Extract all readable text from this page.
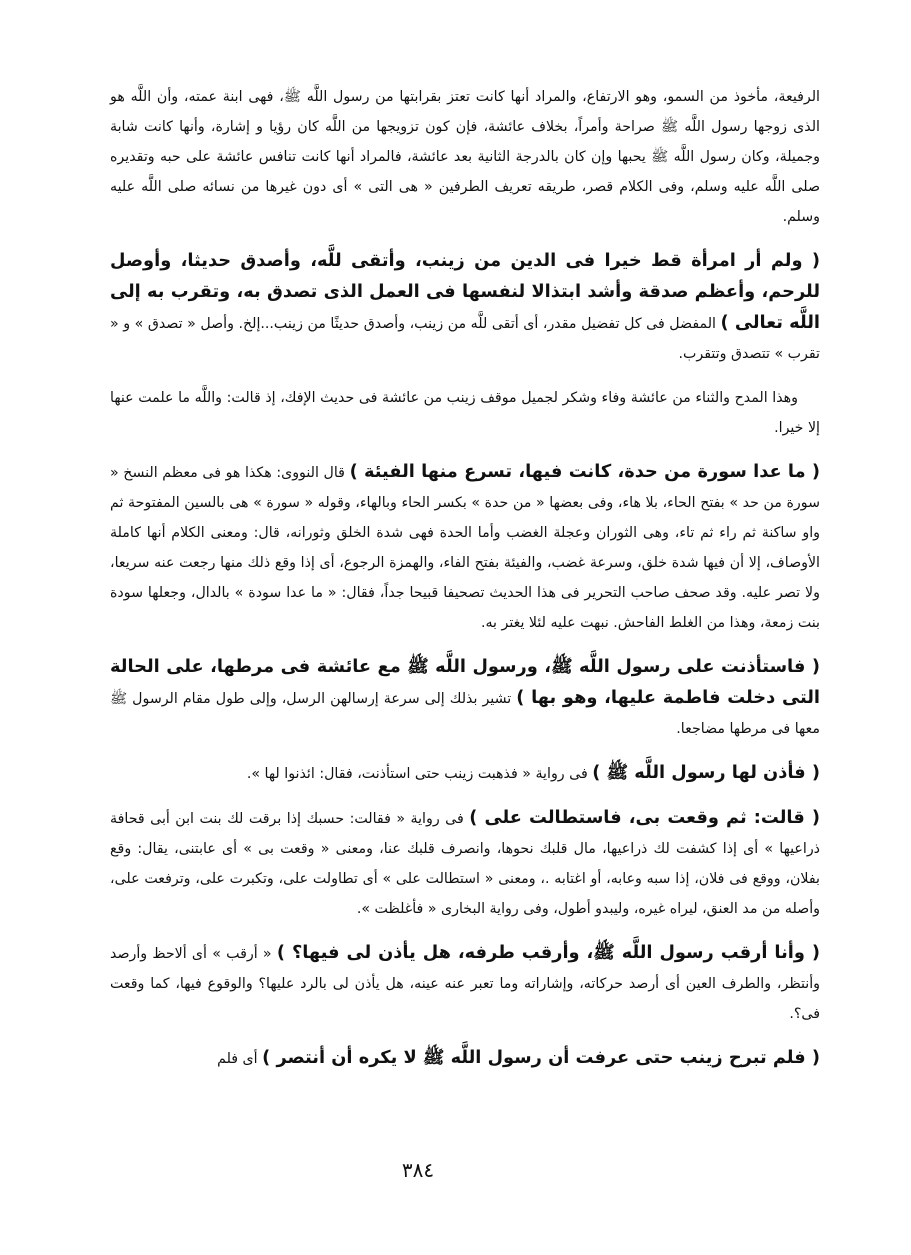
الرفيعة، مأخوذ من السمو، وهو الارتفاع، والمراد أنها كانت تعتز بقرابتها من رسول اللَّه ﷺ، فهى ابنة عمته، وأن اللَّه هو الذى زوجها رسول اللَّه ﷺ صراحة وأمراً، بخلاف عائشة، فإن كون تزويجها من اللَّه كان رؤيا و إشارة، وأنها كانت شابة وجميلة، وكان رسول اللَّه ﷺ يحبها وإن كان بالدرجة الثانية بعد عائشة، فالمراد أنها كانت تنافس عائشة على حبه وتقديره صلى اللَّه عليه وسلم، وفى الكلام قصر، طريقه تعريف الطرفين « هى التى » أى دون غيرها من نسائه صلى اللَّه عليه وسلم.

( ولم أر امرأة قط خيرا فى الدين من زينب، وأتقى للَّه، وأصدق حديثا، وأوصل للرحم، وأعظم صدقة وأشد ابتذالا لنفسها فى العمل الذى تصدق به، وتقرب به إلى اللَّه تعالى ) المفضل فى كل تفضيل مقدر، أى أتقى للَّه من زينب، وأصدق حديثًا من زينب...إلخ. وأصل « تصدق » و « تقرب » تتصدق وتتقرب.

وهذا المدح والثناء من عائشة وفاء وشكر لجميل موقف زينب من عائشة فى حديث الإفك، إذ قالت: واللَّه ما علمت عنها إلا خيرا.

( ما عدا سورة من حدة، كانت فيها، تسرع منها الفيئة ) قال النووى: هكذا هو فى معظم النسخ « سورة من حد » بفتح الحاء، بلا هاء، وفى بعضها « من حدة » بكسر الحاء وبالهاء، وقوله « سورة » هى بالسين المفتوحة ثم واو ساكنة ثم راء ثم تاء، وهى الثوران وعجلة الغضب وأما الحدة فهى شدة الخلق وثورانه، قال: ومعنى الكلام أنها كاملة الأوصاف، إلا أن فيها شدة خلق، وسرعة غضب، والفيئة بفتح الفاء، والهمزة الرجوع، أى إذا وقع ذلك منها رجعت عنه سريعا، ولا تصر عليه. وقد صحف صاحب التحرير فى هذا الحديث تصحيفا قبيحا جداً، فقال: « ما عدا سودة » بالدال، وجعلها سودة بنت زمعة، وهذا من الغلط الفاحش. نبهت عليه لئلا يغتر به.

( فاستأذنت على رسول اللَّه ﷺ، ورسول اللَّه ﷺ مع عائشة فى مرطها، على الحالة التى دخلت فاطمة عليها، وهو بها ) تشير بذلك إلى سرعة إرسالهن الرسل، وإلى طول مقام الرسول ﷺ معها فى مرطها مضاجعا.

( فأذن لها رسول اللَّه ﷺ ) فى رواية « فذهبت زينب حتى استأذنت، فقال: ائذنوا لها ».

( قالت: ثم وقعت بى، فاستطالت على ) فى رواية « فقالت: حسبك إذا برقت لك بنت ابن أبى قحافة ذراعيها » أى إذا كشفت لك ذراعيها، مال قلبك نحوها، وانصرف قلبك عنا، ومعنى « وقعت بى » أى عابتنى، يقال: وقع بفلان، ووقع فى فلان، إذا سبه وعابه، أو اغتابه .، ومعنى « استطالت على » أى تطاولت على، وتكبرت على، وترفعت على، وأصله من مد العنق، ليراه غيره، وليبدو أطول، وفى رواية البخارى « فأغلظت ».

( وأنا أرقب رسول اللَّه ﷺ، وأرقب طرفه، هل يأذن لى فيها؟ ) « أرقب » أى ألاحظ وأرصد وأنتظر، والطرف العين أى أرصد حركاته، وإشاراته وما تعبر عنه عينه، هل يأذن لى بالرد عليها؟ والوقوع فيها، كما وقعت فى؟.

( فلم تبرح زينب حتى عرفت أن رسول اللَّه ﷺ لا يكره أن أنتصر ) أى فلم

٣٨٤
